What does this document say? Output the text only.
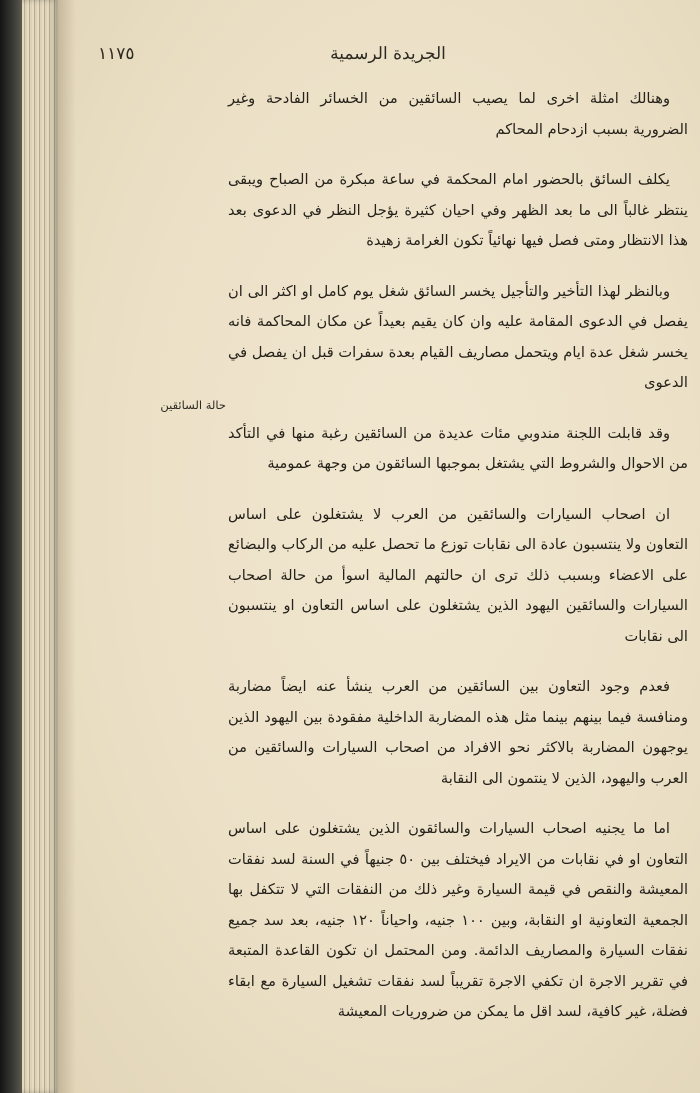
١١٧٥	الجريدة الرسمية
حالة السائقين

وهنالك امثلة اخرى لما يصيب السائقين من الخسائر الفادحة وغير الضرورية بسبب ازدحام المحاكم

يكلف السائق بالحضور امام المحكمة في ساعة مبكرة من الصباح ويبقى ينتظر غالباً الى ما بعد الظهر وفي احيان كثيرة يؤجل النظر في الدعوى بعد هذا الانتظار ومتى فصل فيها نهائياً تكون الغرامة زهيدة

وبالنظر لهذا التأخير والتأجيل يخسر السائق شغل يوم كامل او اكثر الى ان يفصل في الدعوى المقامة عليه وان كان يقيم بعيداً عن مكان المحاكمة فانه يخسر شغل عدة ايام ويتحمل مصاريف القيام بعدة سفرات قبل ان يفصل في الدعوى

وقد قابلت اللجنة مندوبي مئات عديدة من السائقين رغبة منها في التأكد من الاحوال والشروط التي يشتغل بموجبها السائقون من وجهة عمومية

ان اصحاب السيارات والسائقين من العرب لا يشتغلون على اساس التعاون ولا ينتسبون عادة الى نقابات توزع ما تحصل عليه من الركاب والبضائع على الاعضاء وبسبب ذلك ترى ان حالتهم المالية اسوأ من حالة اصحاب السيارات والسائقين اليهود الذين يشتغلون على اساس التعاون او ينتسبون الى نقابات

فعدم وجود التعاون بين السائقين من العرب ينشأ عنه ايضاً مضاربة ومنافسة فيما بينهم بينما مثل هذه المضاربة الداخلية مفقودة بين اليهود الذين يوجهون المضاربة بالاكثر نحو الافراد من اصحاب السيارات والسائقين من العرب واليهود، الذين لا ينتمون الى النقابة

اما ما يجنيه اصحاب السيارات والسائقون الذين يشتغلون على اساس التعاون او في نقابات من الايراد فيختلف بين ٥٠ جنيهاً في السنة لسد نفقات المعيشة والنقص في قيمة السيارة وغير ذلك من النفقات التي لا تتكفل بها الجمعية التعاونية او النقابة، وبين ١٠٠ جنيه، واحياناً ١٢٠ جنيه، بعد سد جميع نفقات السيارة والمصاريف الدائمة. ومن المحتمل ان تكون القاعدة المتبعة في تقرير الاجرة ان تكفي الاجرة تقريباً لسد نفقات تشغيل السيارة مع ابقاء فضلة، غير كافية، لسد اقل ما يمكن من ضروريات المعيشة
